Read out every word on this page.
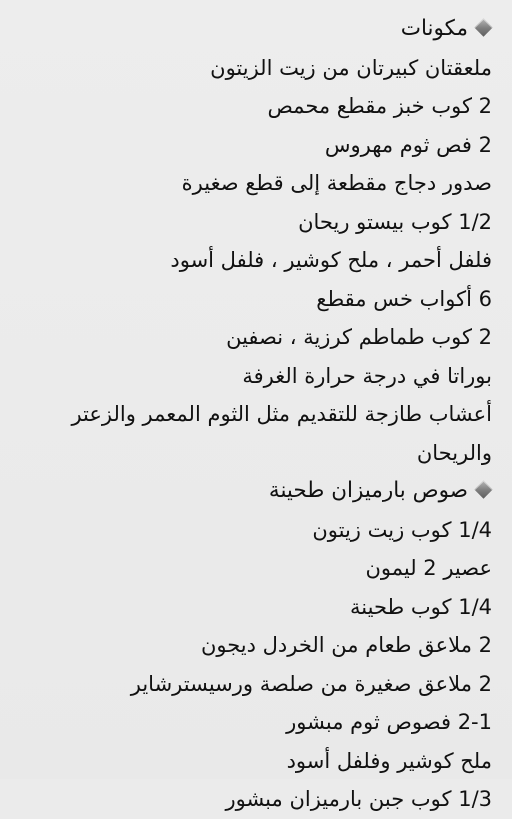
مكونات
ملعقتان كبيرتان من زيت الزيتون
2 كوب خبز مقطع محمص
2 فص ثوم مهروس
صدور دجاج مقطعة إلى قطع صغيرة
1/2 كوب بيستو ريحان
فلفل أحمر ، ملح كوشير ، فلفل أسود
6 أكواب خس مقطع
2 كوب طماطم كرزية ، نصفين
بوراتا في درجة حرارة الغرفة
أعشاب طازجة للتقديم مثل الثوم المعمر والزعتر
والريحان
صوص بارميزان طحينة
1/4 كوب زيت زيتون
عصير 2 ليمون
1/4 كوب طحينة
2 ملاعق طعام من الخردل ديجون
2 ملاعق صغيرة من صلصة ورسيسترشاير
2-1 فصوص ثوم مبشور
ملح كوشير وفلفل أسود
1/3 كوب جبن بارميزان مبشور
